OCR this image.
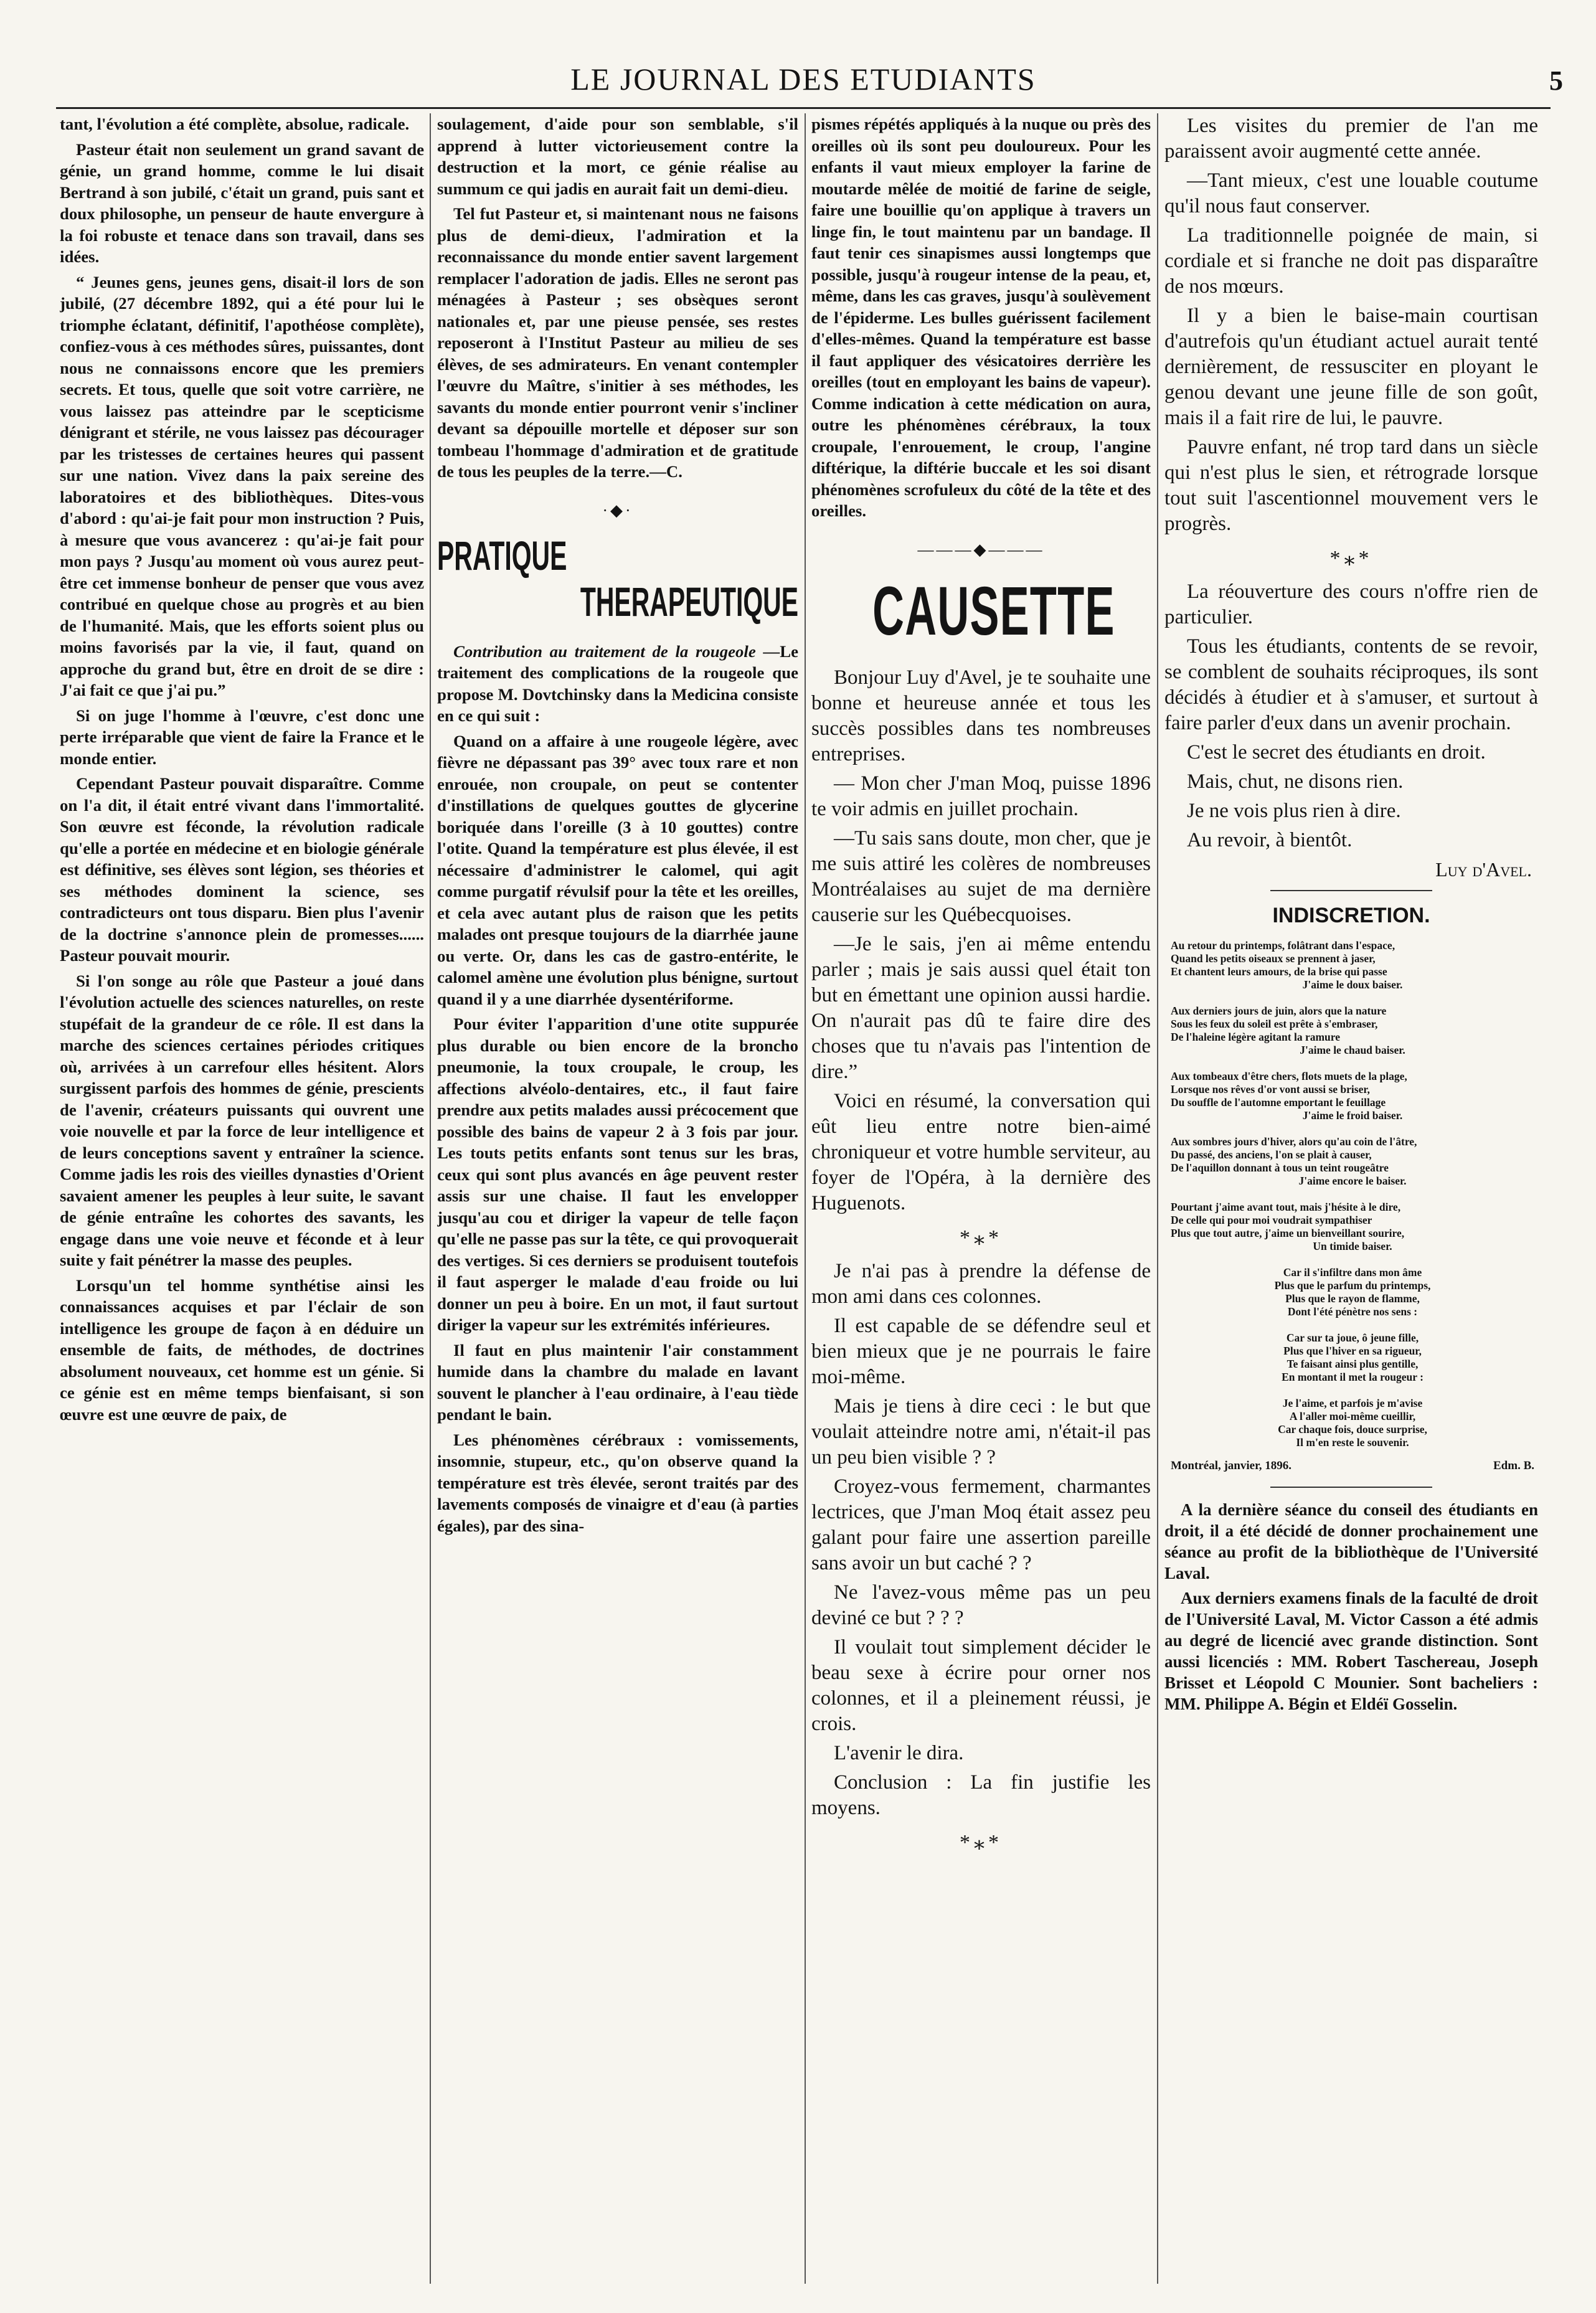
LE JOURNAL DES ETUDIANTS	5

tant, l'évolution a été complète, absolue, radicale.

Pasteur était non seulement un grand savant de génie, un grand homme, comme le lui disait Bertrand à son jubilé, c'était un grand, puis sant et doux philosophe, un penseur de haute envergure à la foi robuste et tenace dans son travail, dans ses idées.

“ Jeunes gens, jeunes gens, disait-il lors de son jubilé, (27 décembre 1892, qui a été pour lui le triomphe éclatant, définitif, l'apothéose complète), confiez-vous à ces méthodes sûres, puissantes, dont nous ne connaissons encore que les premiers secrets. Et tous, quelle que soit votre carrière, ne vous laissez pas atteindre par le scepticisme dénigrant et stérile, ne vous laissez pas décourager par les tristesses de certaines heures qui passent sur une nation. Vivez dans la paix sereine des laboratoires et des bibliothèques. Dites-vous d'abord : qu'ai-je fait pour mon instruction ? Puis, à mesure que vous avancerez : qu'ai-je fait pour mon pays ? Jusqu'au moment où vous aurez peut-être cet immense bonheur de penser que vous avez contribué en quelque chose au progrès et au bien de l'humanité. Mais, que les efforts soient plus ou moins favorisés par la vie, il faut, quand on approche du grand but, être en droit de se dire : J'ai fait ce que j'ai pu.”

Si on juge l'homme à l'œuvre, c'est donc une perte irréparable que vient de faire la France et le monde entier.

Cependant Pasteur pouvait disparaître. Comme on l'a dit, il était entré vivant dans l'immortalité. Son œuvre est féconde, la révolution radicale qu'elle a portée en médecine et en biologie générale est définitive, ses élèves sont légion, ses théories et ses méthodes dominent la science, ses contradicteurs ont tous disparu. Bien plus l'avenir de la doctrine s'annonce plein de promesses...... Pasteur pouvait mourir.

Si l'on songe au rôle que Pasteur a joué dans l'évolution actuelle des sciences naturelles, on reste stupéfait de la grandeur de ce rôle. Il est dans la marche des sciences certaines périodes critiques où, arrivées à un carrefour elles hésitent. Alors surgissent parfois des hommes de génie, prescients de l'avenir, créateurs puissants qui ouvrent une voie nouvelle et par la force de leur intelligence et de leurs conceptions savent y entraîner la science. Comme jadis les rois des vieilles dynasties d'Orient savaient amener les peuples à leur suite, le savant de génie entraîne les cohortes des savants, les engage dans une voie neuve et féconde et à leur suite y fait pénétrer la masse des peuples.

Lorsqu'un tel homme synthétise ainsi les connaissances acquises et par l'éclair de son intelligence les groupe de façon à en déduire un ensemble de faits, de méthodes, de doctrines absolument nouveaux, cet homme est un génie. Si ce génie est en même temps bienfaisant, si son œuvre est une œuvre de paix, de

soulagement, d'aide pour son semblable, s'il apprend à lutter victorieusement contre la destruction et la mort, ce génie réalise au summum ce qui jadis en aurait fait un demi-dieu.

Tel fut Pasteur et, si maintenant nous ne faisons plus de demi-dieux, l'admiration et la reconnaissance du monde entier savent largement remplacer l'adoration de jadis. Elles ne seront pas ménagées à Pasteur ; ses obsèques seront nationales et, par une pieuse pensée, ses restes reposeront à l'Institut Pasteur au milieu de ses élèves, de ses admirateurs. En venant contempler l'œuvre du Maître, s'initier à ses méthodes, les savants du monde entier pourront venir s'incliner devant sa dépouille mortelle et déposer sur son tombeau l'hommage d'admiration et de gratitude de tous les peuples de la terre.—C.

·◆·
PRATIQUE
THERAPEUTIQUE

Contribution au traitement de la rougeole —Le traitement des complications de la rougeole que propose M. Dovtchinsky dans la Medicina consiste en ce qui suit :

Quand on a affaire à une rougeole légère, avec fièvre ne dépassant pas 39° avec toux rare et non enrouée, non croupale, on peut se contenter d'instillations de quelques gouttes de glycerine boriquée dans l'oreille (3 à 10 gouttes) contre l'otite. Quand la température est plus élevée, il est nécessaire d'administrer le calomel, qui agit comme purgatif révulsif pour la tête et les oreilles, et cela avec autant plus de raison que les petits malades ont presque toujours de la diarrhée jaune ou verte. Or, dans les cas de gastro-entérite, le calomel amène une évolution plus bénigne, surtout quand il y a une diarrhée dysentériforme.

Pour éviter l'apparition d'une otite suppurée plus durable ou bien encore de la broncho pneumonie, la toux croupale, le croup, les affections alvéolo-dentaires, etc., il faut faire prendre aux petits malades aussi précocement que possible des bains de vapeur 2 à 3 fois par jour. Les touts petits enfants sont tenus sur les bras, ceux qui sont plus avancés en âge peuvent rester assis sur une chaise. Il faut les envelopper jusqu'au cou et diriger la vapeur de telle façon qu'elle ne passe pas sur la tête, ce qui provoquerait des vertiges. Si ces derniers se produisent toutefois il faut asperger le malade d'eau froide ou lui donner un peu à boire. En un mot, il faut surtout diriger la vapeur sur les extrémités inférieures.

Il faut en plus maintenir l'air constamment humide dans la chambre du malade en lavant souvent le plancher à l'eau ordinaire, à l'eau tiède pendant le bain.

Les phénomènes cérébraux : vomissements, insomnie, stupeur, etc., qu'on observe quand la température est très élevée, seront traités par des lavements composés de vinaigre et d'eau (à parties égales), par des sina-

pismes répétés appliqués à la nuque ou près des oreilles où ils sont peu douloureux. Pour les enfants il vaut mieux employer la farine de moutarde mêlée de moitié de farine de seigle, faire une bouillie qu'on applique à travers un linge fin, le tout maintenu par un bandage. Il faut tenir ces sinapismes aussi longtemps que possible, jusqu'à rougeur intense de la peau, et, même, dans les cas graves, jusqu'à soulèvement de l'épiderme. Les bulles guérissent facilement d'elles-mêmes. Quand la température est basse il faut appliquer des vésicatoires derrière les oreilles (tout en employant les bains de vapeur). Comme indication à cette médication on aura, outre les phénomènes cérébraux, la toux croupale, l'enrouement, le croup, l'angine diftérique, la diftérie buccale et les soi disant phénomènes scrofuleux du côté de la tête et des oreilles.

———◆———
CAUSETTE

Bonjour Luy d'Avel, je te souhaite une bonne et heureuse année et tous les succès possibles dans tes nombreuses entreprises.

— Mon cher J'man Moq, puisse 1896 te voir admis en juillet prochain.

—Tu sais sans doute, mon cher, que je me suis attiré les colères de nombreuses Montréalaises au sujet de ma dernière causerie sur les Québecquoises.

—Je le sais, j'en ai même entendu parler ; mais je sais aussi quel était ton but en émettant une opinion aussi hardie. On n'aurait pas dû te faire dire des choses que tu n'avais pas l'intention de dire.”

Voici en résumé, la conversation qui eût lieu entre notre bien-aimé chroniqueur et votre humble serviteur, au foyer de l'Opéra, à la dernière des Huguenots.

*⁎*

Je n'ai pas à prendre la défense de mon ami dans ces colonnes.

Il est capable de se défendre seul et bien mieux que je ne pourrais le faire moi-même.

Mais je tiens à dire ceci : le but que voulait atteindre notre ami, n'était-il pas un peu bien visible ? ?

Croyez-vous fermement, charmantes lectrices, que J'man Moq était assez peu galant pour faire une assertion pareille sans avoir un but caché ? ?

Ne l'avez-vous même pas un peu deviné ce but ? ? ?

Il voulait tout simplement décider le beau sexe à écrire pour orner nos colonnes, et il a pleinement réussi, je crois.

L'avenir le dira.

Conclusion : La fin justifie les moyens.

*⁎*

Les visites du premier de l'an me paraissent avoir augmenté cette année.

—Tant mieux, c'est une louable coutume qu'il nous faut conserver.

La traditionnelle poignée de main, si cordiale et si franche ne doit pas disparaître de nos mœurs.

Il y a bien le baise-main courtisan d'autrefois qu'un étudiant actuel aurait tenté dernièrement, de ressusciter en ployant le genou devant une jeune fille de son goût, mais il a fait rire de lui, le pauvre.

Pauvre enfant, né trop tard dans un siècle qui n'est plus le sien, et rétrograde lorsque tout suit l'ascentionnel mouvement vers le progrès.

*⁎*

La réouverture des cours n'offre rien de particulier.

Tous les étudiants, contents de se revoir, se comblent de souhaits réciproques, ils sont décidés à étudier et à s'amuser, et surtout à faire parler d'eux dans un avenir prochain.

C'est le secret des étudiants en droit.

Mais, chut, ne disons rien.

Je ne vois plus rien à dire.

Au revoir, à bientôt.

Luy d'Avel.
INDISCRETION.
Au retour du printemps, folâtrant dans l'espace,
Quand les petits oiseaux se prennent à jaser,
Et chantent leurs amours, de la brise qui passe
J'aime le doux baiser.

Aux derniers jours de juin, alors que la nature
Sous les feux du soleil est prête à s'embraser,
De l'haleine légère agitant la ramure
J'aime le chaud baiser.

Aux tombeaux d'être chers, flots muets de la plage,
Lorsque nos rêves d'or vont aussi se briser,
Du souffle de l'automne emportant le feuillage
J'aime le froid baiser.

Aux sombres jours d'hiver, alors qu'au coin de l'âtre,
Du passé, des anciens, l'on se plait à causer,
De l'aquillon donnant à tous un teint rougeâtre
J'aime encore le baiser.

Pourtant j'aime avant tout, mais j'hésite à le dire,
De celle qui pour moi voudrait sympathiser
Plus que tout autre, j'aime un bienveillant sourire,
Un timide baiser.

Car il s'infiltre dans mon âme
Plus que le parfum du printemps,
Plus que le rayon de flamme,
Dont l'été pénètre nos sens :

Car sur ta joue, ô jeune fille,
Plus que l'hiver en sa rigueur,
Te faisant ainsi plus gentille,
En montant il met la rougeur :

Je l'aime, et parfois je m'avise
A l'aller moi-même cueillir,
Car chaque fois, douce surprise,
Il m'en reste le souvenir.
Montréal, janvier, 1896.	Edm. B.

A la dernière séance du conseil des étudiants en droit, il a été décidé de donner prochainement une séance au profit de la bibliothèque de l'Université Laval.

Aux derniers examens finals de la faculté de droit de l'Université Laval, M. Victor Casson a été admis au degré de licencié avec grande distinction. Sont aussi licenciés : MM. Robert Taschereau, Joseph Brisset et Léopold C Mounier. Sont bacheliers : MM. Philippe A. Bégin et Eldéï Gosselin.
